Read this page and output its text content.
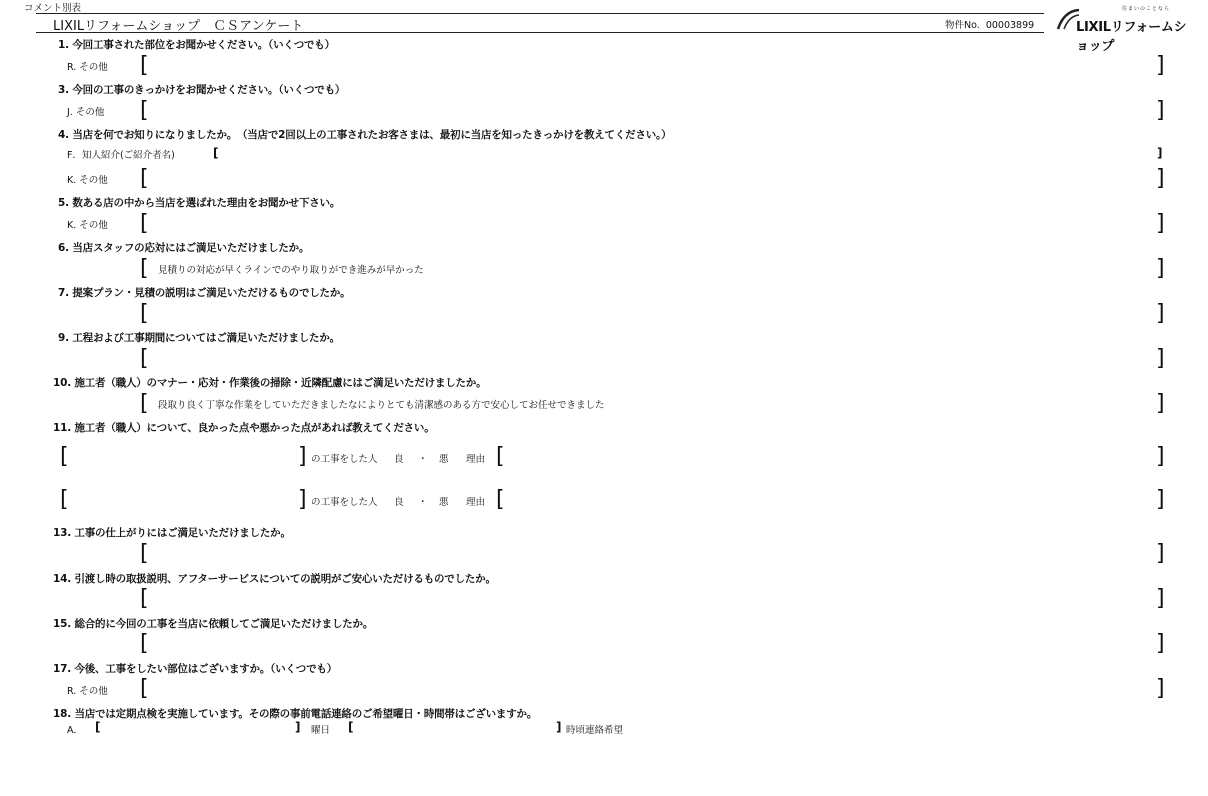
コメント別表
LIXILリフォームショップ　ＣＳアンケート	物件No. 00003899
住まいのことなら
LIXILリフォームショップ
1. 今回工事された部位をお聞かせください。（いくつでも）
R. その他 [	]
3. 今回の工事のきっかけをお聞かせください。（いくつでも）
J. その他 [	]
4. 当店を何でお知りになりましたか。　（当店で2回以上の工事されたお客さまは、最初に当店を知ったきっかけを教えてください。）
F．知人紹介(ご紹介者名)	[	]
K. その他 [	]
5. 数ある店の中から当店を選ばれた理由をお聞かせ下さい。
K. その他 [	]
6. 当店スタッフの応対にはご満足いただけましたか。
[ 見積りの対応が早くラインでのやり取りができ進みが早かった	]
7. 提案プラン・見積の説明はご満足いただけるものでしたか。
[	]
9. 工程および工事期間についてはご満足いただけましたか。
[	]
10. 施工者（職人）のマナー・応対・作業後の掃除・近隣配慮にはご満足いただけましたか。
[ 段取り良く丁寧な作業をしていただきましたなによりとても清潔感のある方で安心してお任せできました	]
11. 施工者（職人）について、良かった点や悪かった点があれば教えてください。
[	] の工事をした人 良 ・ 悪 理由 [	]
[	] の工事をした人 良 ・ 悪 理由 [	]
13. 工事の仕上がりにはご満足いただけましたか。
[	]
14. 引渡し時の取扱説明、アフターサービスについての説明がご安心いただけるものでしたか。
[	]
15. 総合的に今回の工事を当店に依頼してご満足いただけましたか。
[	]
17. 今後、工事をしたい部位はございますか。（いくつでも）
R. その他 [	]
18. 当店では定期点検を実施しています。その際の事前電話連絡のご希望曜日・時間帯はございますか。
A． [	] 曜日 [	] 時頃連絡希望
